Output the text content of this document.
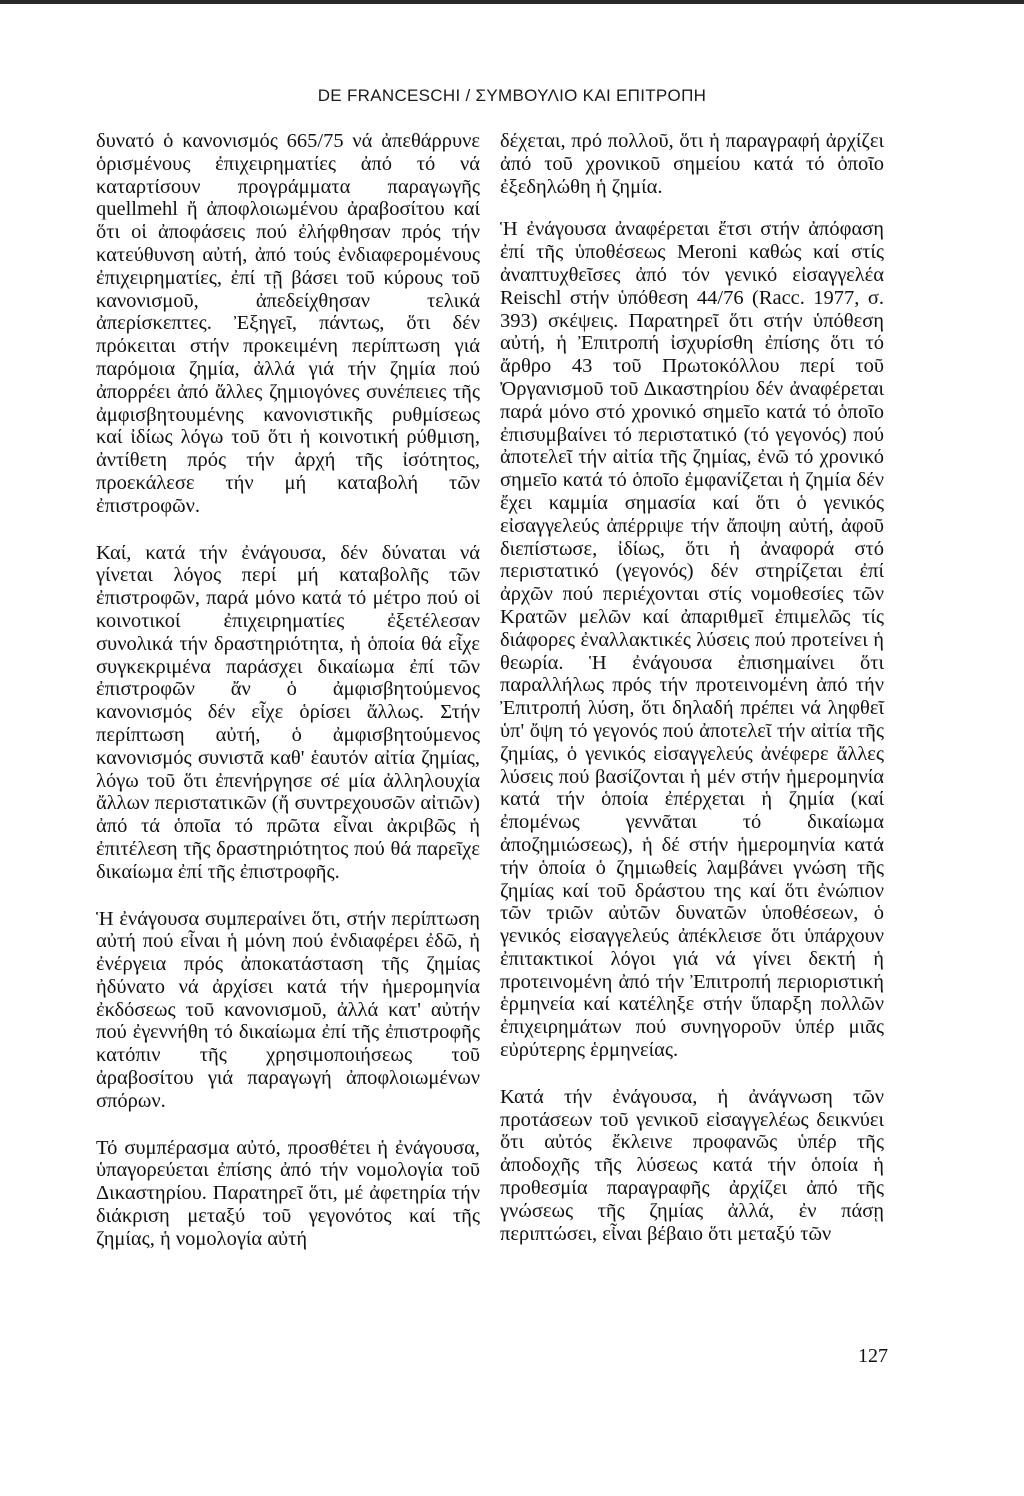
DE FRANCESCHI / ΣΥΜΒΟΥΛΙΟ ΚΑΙ ΕΠΙΤΡΟΠΗ

δυνατό ὁ κανονισμός 665/75 νά ἀπεθάρρυνε ὁρισμένους ἐπιχειρηματίες ἀπό τό νά καταρτίσουν προγράμματα παραγωγῆς quellmehl ἤ ἀποφλοιωμένου ἀραβοσίτου καί ὅτι οἱ ἀποφάσεις πού ἐλήφθησαν πρός τήν κατεύθυνση αὐτή, ἀπό τούς ἐνδιαφερομένους ἐπιχειρηματίες, ἐπί τῇ βάσει τοῦ κύρους τοῦ κανονισμοῦ, ἀπεδείχθησαν τελικά ἀπερίσκεπτες. Ἐξηγεῖ, πάντως, ὅτι δέν πρόκειται στήν προκειμένη περίπτωση γιά παρόμοια ζημία, ἀλλά γιά τήν ζημία πού ἀπορρέει ἀπό ἄλλες ζημιογόνες συνέπειες τῆς ἀμφισβητουμένης κανονιστικῆς ρυθμίσεως καί ἰδίως λόγω τοῦ ὅτι ἡ κοινοτική ρύθμιση, ἀντίθετη πρός τήν ἀρχή τῆς ἰσότητος, προεκάλεσε τήν μή καταβολή τῶν ἐπιστροφῶν.

Καί, κατά τήν ἐνάγουσα, δέν δύναται νά γίνεται λόγος περί μή καταβολῆς τῶν ἐπιστροφῶν, παρά μόνο κατά τό μέτρο πού οἱ κοινοτικοί ἐπιχειρηματίες ἐξετέλεσαν συνολικά τήν δραστηριότητα, ἡ ὁποία θά εἶχε συγκεκριμένα παράσχει δικαίωμα ἐπί τῶν ἐπιστροφῶν ἄν ὁ ἀμφισβητούμενος κανονισμός δέν εἶχε ὁρίσει ἄλλως. Στήν περίπτωση αὐτή, ὁ ἀμφισβητούμενος κανονισμός συνιστᾶ καθ' ἑαυτόν αἰτία ζημίας, λόγω τοῦ ὅτι ἐπενήργησε σέ μία ἀλληλουχία ἄλλων περιστατικῶν (ἤ συντρεχουσῶν αἰτιῶν) ἀπό τά ὁποῖα τό πρῶτα εἶναι ἀκριβῶς ἡ ἐπιτέλεση τῆς δραστηριότητος πού θά παρεῖχε δικαίωμα ἐπί τῆς ἐπιστροφῆς.

Ἡ ἐνάγουσα συμπεραίνει ὅτι, στήν περίπτωση αὐτή πού εἶναι ἡ μόνη πού ἐνδιαφέρει ἐδῶ, ἡ ἐνέργεια πρός ἀποκατάσταση τῆς ζημίας ἠδύνατο νά ἀρχίσει κατά τήν ἡμερομηνία ἐκδόσεως τοῦ κανονισμοῦ, ἀλλά κατ' αὐτήν πού ἐγεννήθη τό δικαίωμα ἐπί τῆς ἐπιστροφῆς κατόπιν τῆς χρησιμοποιήσεως τοῦ ἀραβοσίτου γιά παραγωγή ἀποφλοιωμένων σπόρων.

Τό συμπέρασμα αὐτό, προσθέτει ἡ ἐνάγουσα, ὑπαγορεύεται ἐπίσης ἀπό τήν νομολογία τοῦ Δικαστηρίου. Παρατηρεῖ ὅτι, μέ ἀφετηρία τήν διάκριση μεταξύ τοῦ γεγονότος καί τῆς ζημίας, ἡ νομολογία αὐτή

δέχεται, πρό πολλοῦ, ὅτι ἡ παραγραφή ἀρχίζει ἀπό τοῦ χρονικοῦ σημείου κατά τό ὁποῖο ἐξεδηλώθη ἡ ζημία.

Ἡ ἐνάγουσα ἀναφέρεται ἔτσι στήν ἀπόφαση ἐπί τῆς ὑποθέσεως Meroni καθώς καί στίς ἀναπτυχθεῖσες ἀπό τόν γενικό εἰσαγγελέα Reischl στήν ὑπόθεση 44/76 (Racc. 1977, σ. 393) σκέψεις. Παρατηρεῖ ὅτι στήν ὑπόθεση αὐτή, ἡ Ἐπιτροπή ἰσχυρίσθη ἐπίσης ὅτι τό ἄρθρο 43 τοῦ Πρωτοκόλλου περί τοῦ Ὀργανισμοῦ τοῦ Δικαστηρίου δέν ἀναφέρεται παρά μόνο στό χρονικό σημεῖο κατά τό ὁποῖο ἐπισυμβαίνει τό περιστατικό (τό γεγονός) πού ἀποτελεῖ τήν αἰτία τῆς ζημίας, ἐνῶ τό χρονικό σημεῖο κατά τό ὁποῖο ἐμφανίζεται ἡ ζημία δέν ἔχει καμμία σημασία καί ὅτι ὁ γενικός εἰσαγγελεύς ἀπέρριψε τήν ἄποψη αὐτή, ἀφοῦ διεπίστωσε, ἰδίως, ὅτι ἡ ἀναφορά στό περιστατικό (γεγονός) δέν στηρίζεται ἐπί ἀρχῶν πού περιέχονται στίς νομοθεσίες τῶν Κρατῶν μελῶν καί ἀπαριθμεῖ ἐπιμελῶς τίς διάφορες ἐναλλακτικές λύσεις πού προτείνει ἡ θεωρία. Ἡ ἐνάγουσα ἐπισημαίνει ὅτι παραλλήλως πρός τήν προτεινομένη ἀπό τήν Ἐπιτροπή λύση, ὅτι δηλαδή πρέπει νά ληφθεῖ ὑπ' ὄψη τό γεγονός πού ἀποτελεῖ τήν αἰτία τῆς ζημίας, ὁ γενικός εἰσαγγελεύς ἀνέφερε ἄλλες λύσεις πού βασίζονται ἡ μέν στήν ἡμερομηνία κατά τήν ὁποία ἐπέρχεται ἡ ζημία (καί ἐπομένως γεννᾶται τό δικαίωμα ἀποζημιώσεως), ἡ δέ στήν ἡμερομηνία κατά τήν ὁποία ὁ ζημιωθείς λαμβάνει γνώση τῆς ζημίας καί τοῦ δράστου της καί ὅτι ἐνώπιον τῶν τριῶν αὐτῶν δυνατῶν ὑποθέσεων, ὁ γενικός εἰσαγγελεύς ἀπέκλεισε ὅτι ὑπάρχουν ἐπιτακτικοί λόγοι γιά νά γίνει δεκτή ἡ προτεινομένη ἀπό τήν Ἐπιτροπή περιοριστική ἑρμηνεία καί κατέληξε στήν ὕπαρξη πολλῶν ἐπιχειρημάτων πού συνηγοροῦν ὑπέρ μιᾶς εὐρύτερης ἑρμηνείας.

Κατά τήν ἐνάγουσα, ἡ ἀνάγνωση τῶν προτάσεων τοῦ γενικοῦ εἰσαγγελέως δεικνύει ὅτι αὐτός ἔκλεινε προφανῶς ὑπέρ τῆς ἀποδοχῆς τῆς λύσεως κατά τήν ὁποία ἡ προθεσμία παραγραφῆς ἀρχίζει ἀπό τῆς γνώσεως τῆς ζημίας ἀλλά, ἐν πάσῃ περιπτώσει, εἶναι βέβαιο ὅτι μεταξύ τῶν

127
